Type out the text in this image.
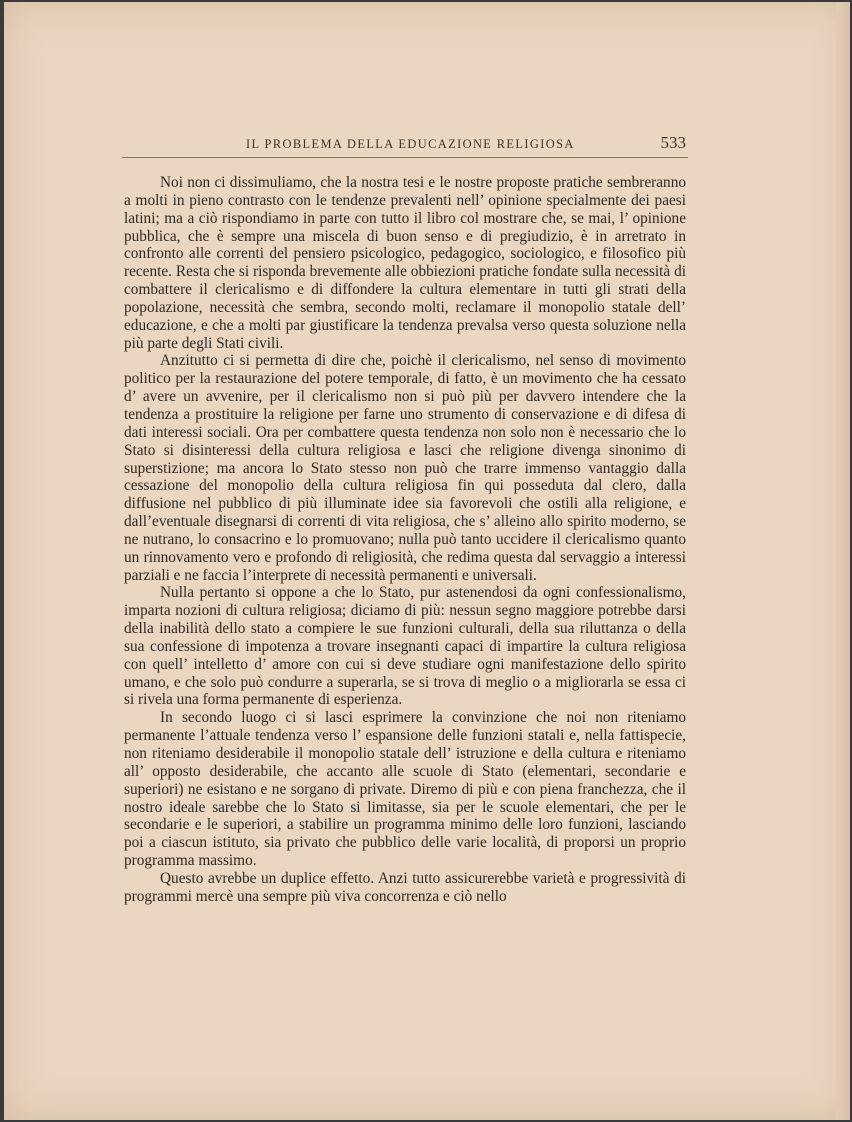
IL PROBLEMA DELLA EDUCAZIONE RELIGIOSA	533

Noi non ci dissimuliamo, che la nostra tesi e le nostre proposte pratiche sembreranno a molti in pieno contrasto con le tendenze prevalenti nell’ opinione specialmente dei paesi latini; ma a ciò rispondiamo in parte con tutto il libro col mostrare che, se mai, l’ opinione pubblica, che è sempre una miscela di buon senso e di pregiudizio, è in arretrato in confronto alle correnti del pensiero psicologico, pedagogico, sociologico, e filosofico più recente. Resta che si risponda brevemente alle obbiezioni pratiche fondate sulla necessità di combattere il clericalismo e di diffondere la cultura elementare in tutti gli strati della popolazione, necessità che sembra, secondo molti, reclamare il monopolio statale dell’ educazione, e che a molti par giustificare la tendenza prevalsa verso questa soluzione nella più parte degli Stati civili.

Anzitutto ci si permetta di dire che, poichè il clericalismo, nel senso di movimento politico per la restaurazione del potere temporale, di fatto, è un movimento che ha cessato d’ avere un avvenire, per il clericalismo non si può più per davvero intendere che la tendenza a prostituire la religione per farne uno strumento di conservazione e di difesa di dati interessi sociali. Ora per combattere questa tendenza non solo non è necessario che lo Stato si disinteressi della cultura religiosa e lasci che religione divenga sinonimo di superstizione; ma ancora lo Stato stesso non può che trarre immenso vantaggio dalla cessazione del monopolio della cultura religiosa fin qui posseduta dal clero, dalla diffusione nel pubblico di più illuminate idee sia favorevoli che ostili alla religione, e dall’eventuale disegnarsi di correnti di vita religiosa, che s’ alleino allo spirito moderno, se ne nutrano, lo consacrino e lo promuovano; nulla può tanto uccidere il clericalismo quanto un rinnovamento vero e profondo di religiosità, che redima questa dal servaggio a interessi parziali e ne faccia l’interprete di necessità permanenti e universali.

Nulla pertanto si oppone a che lo Stato, pur astenendosi da ogni confessionalismo, imparta nozioni di cultura religiosa; diciamo di più: nessun segno maggiore potrebbe darsi della inabilità dello stato a compiere le sue funzioni culturali, della sua riluttanza o della sua confessione di impotenza a trovare insegnanti capaci di impartire la cultura religiosa con quell’ intelletto d’ amore con cui si deve studiare ogni manifestazione dello spirito umano, e che solo può condurre a superarla, se si trova di meglio o a migliorarla se essa ci si rivela una forma permanente di esperienza.

In secondo luogo ci si lasci esprimere la convinzione che noi non riteniamo permanente l’attuale tendenza verso l’ espansione delle funzioni statali e, nella fattispecie, non riteniamo desiderabile il monopolio statale dell’ istruzione e della cultura e riteniamo all’ opposto desiderabile, che accanto alle scuole di Stato (elementari, secondarie e superiori) ne esistano e ne sorgano di private. Diremo di più e con piena franchezza, che il nostro ideale sarebbe che lo Stato si limitasse, sia per le scuole elementari, che per le secondarie e le superiori, a stabilire un programma minimo delle loro funzioni, lasciando poi a ciascun istituto, sia privato che pubblico delle varie località, di proporsi un proprio programma massimo.

Questo avrebbe un duplice effetto. Anzi tutto assicurerebbe varietà e progressività di programmi mercè una sempre più viva concorrenza e ciò nello
